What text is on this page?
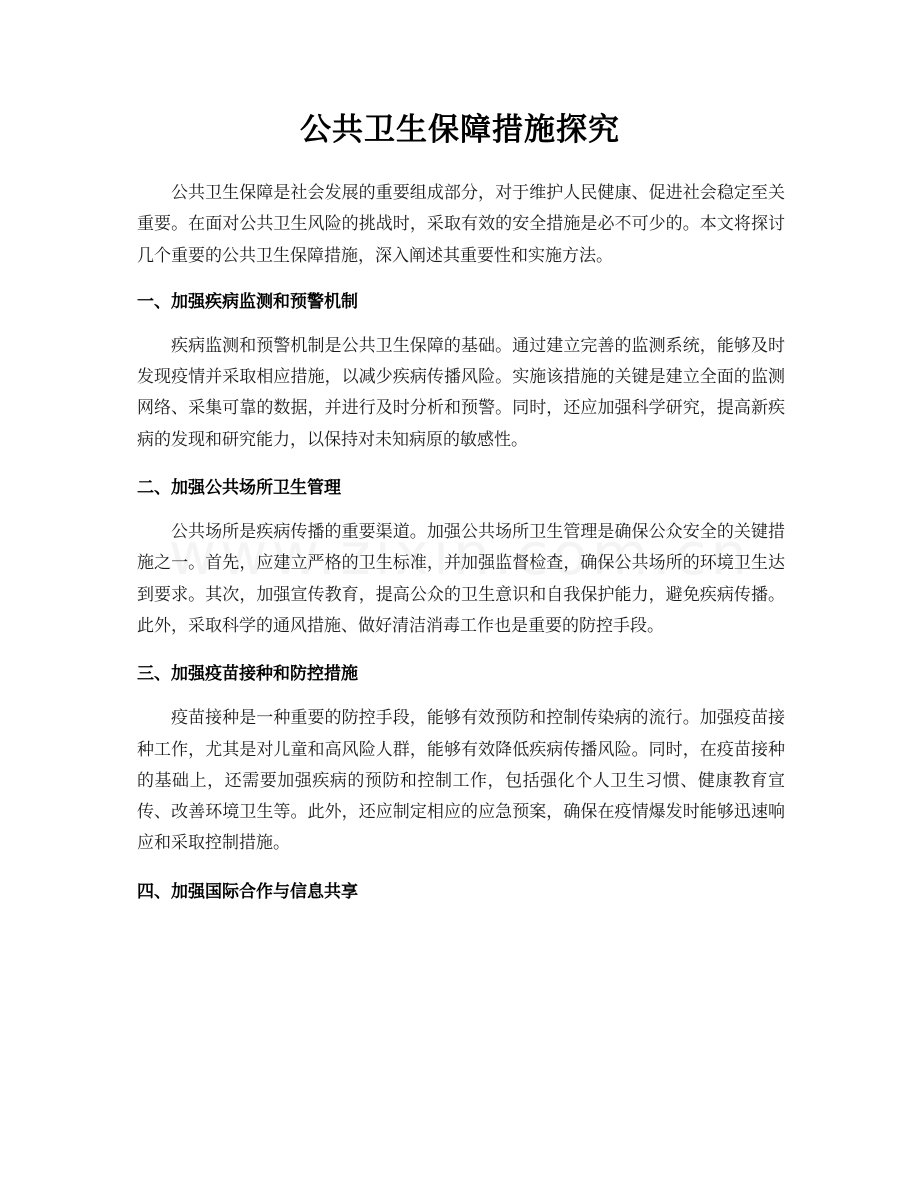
公共卫生保障措施探究

公共卫生保障是社会发展的重要组成部分，对于维护人民健康、促进社会稳定至关重要。在面对公共卫生风险的挑战时，采取有效的安全措施是必不可少的。本文将探讨几个重要的公共卫生保障措施，深入阐述其重要性和实施方法。

一、加强疾病监测和预警机制

疾病监测和预警机制是公共卫生保障的基础。通过建立完善的监测系统，能够及时发现疫情并采取相应措施，以减少疾病传播风险。实施该措施的关键是建立全面的监测网络、采集可靠的数据，并进行及时分析和预警。同时，还应加强科学研究，提高新疾病的发现和研究能力，以保持对未知病原的敏感性。

二、加强公共场所卫生管理

公共场所是疾病传播的重要渠道。加强公共场所卫生管理是确保公众安全的关键措施之一。首先，应建立严格的卫生标准，并加强监督检查，确保公共场所的环境卫生达到要求。其次，加强宣传教育，提高公众的卫生意识和自我保护能力，避免疾病传播。此外，采取科学的通风措施、做好清洁消毒工作也是重要的防控手段。

三、加强疫苗接种和防控措施

疫苗接种是一种重要的防控手段，能够有效预防和控制传染病的流行。加强疫苗接种工作，尤其是对儿童和高风险人群，能够有效降低疾病传播风险。同时，在疫苗接种的基础上，还需要加强疾病的预防和控制工作，包括强化个人卫生习惯、健康教育宣传、改善环境卫生等。此外，还应制定相应的应急预案，确保在疫情爆发时能够迅速响应和采取控制措施。

四、加强国际合作与信息共享
